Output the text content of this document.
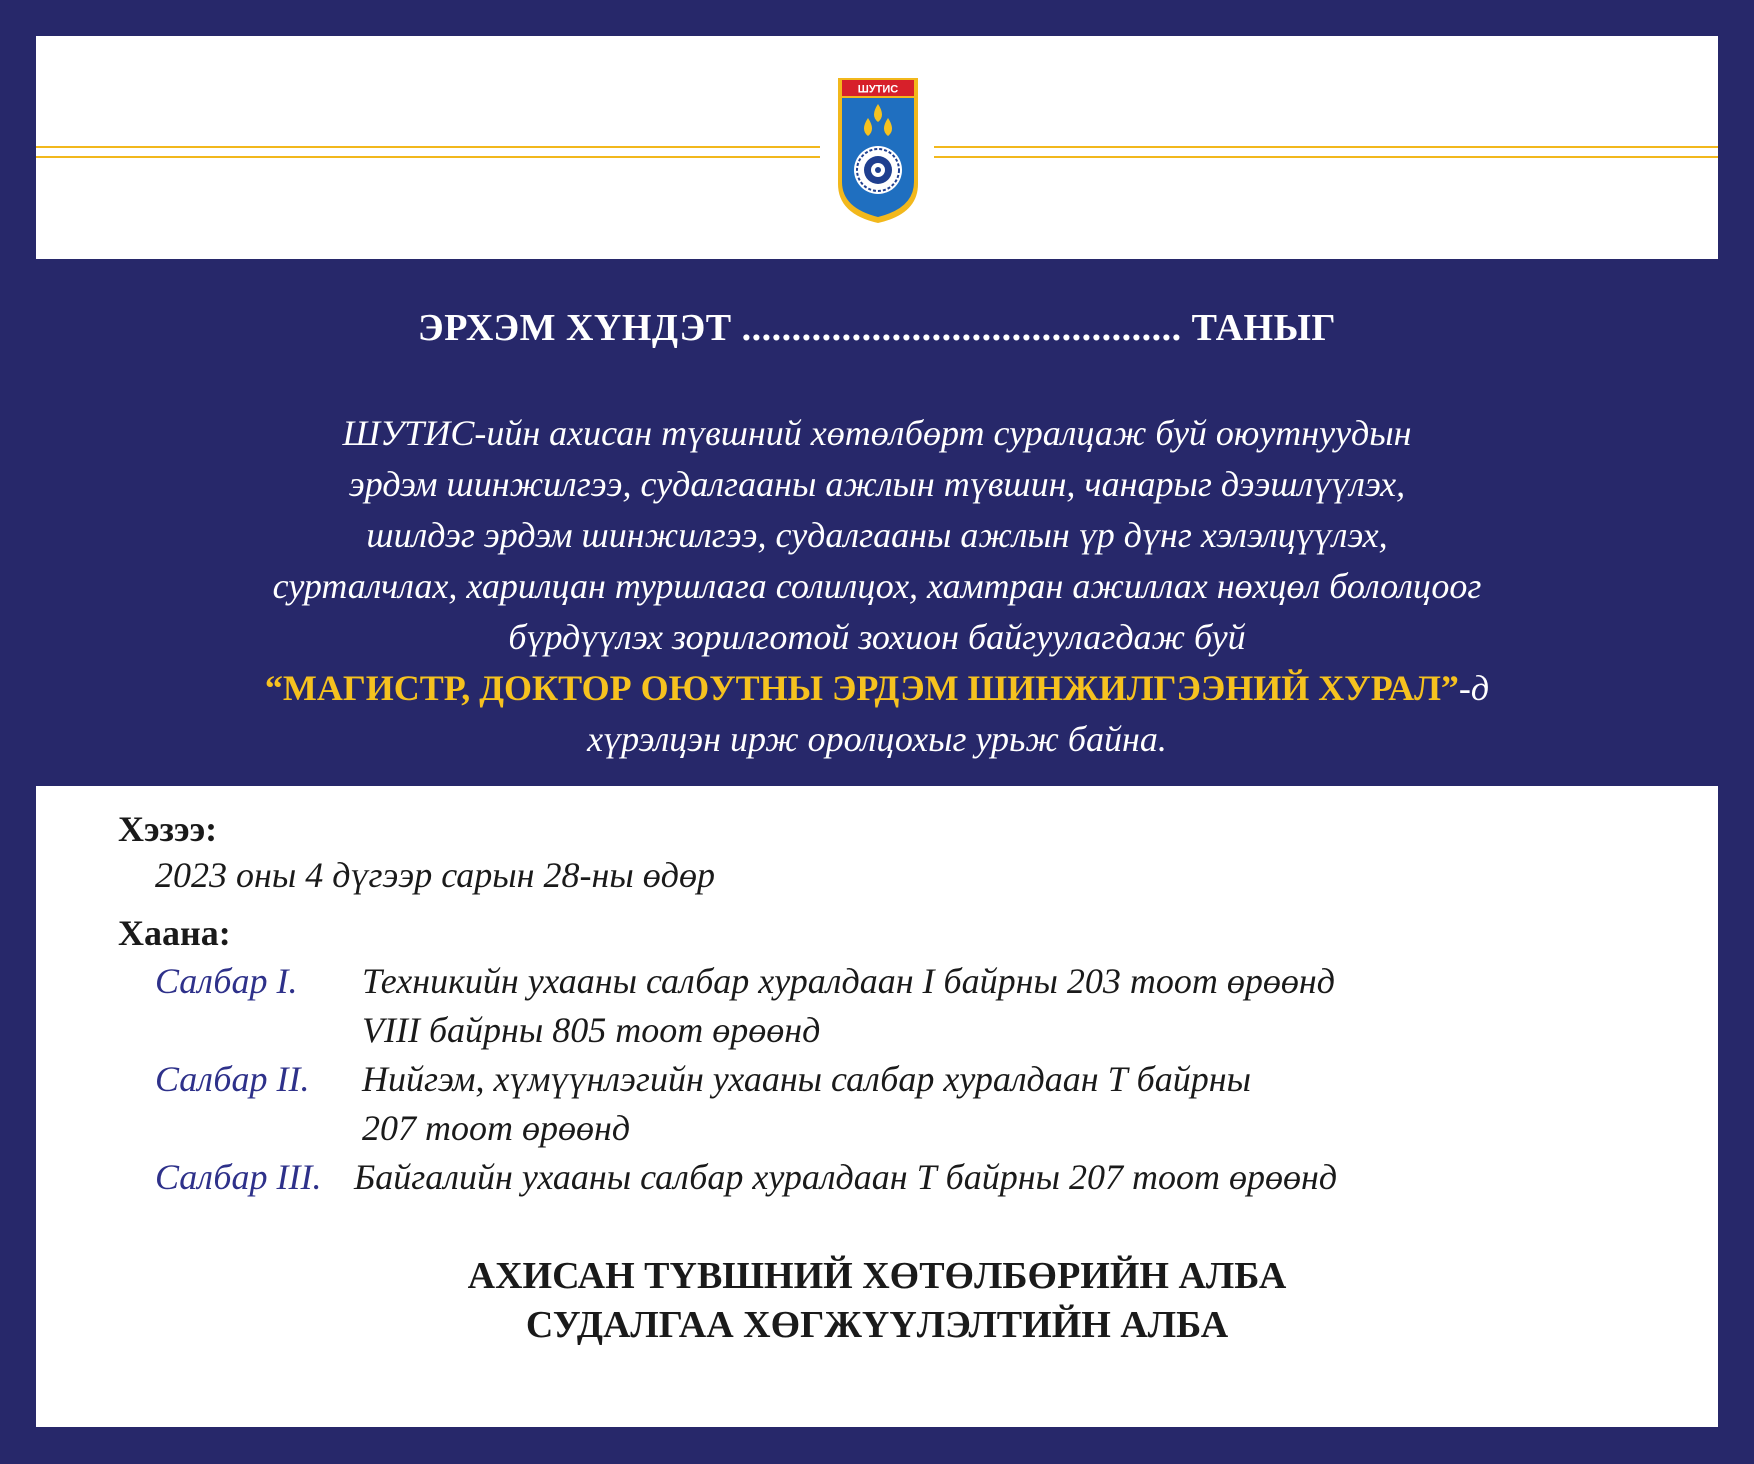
ШУТИС
ЭРХЭМ ХҮНДЭТ ............................................ ТАНЫГ
ШУТИС-ийн ахисан түвшний хөтөлбөрт суралцаж буй оюутнуудын
эрдэм шинжилгээ, судалгааны ажлын түвшин, чанарыг дээшлүүлэх,
шилдэг эрдэм шинжилгээ, судалгааны ажлын үр дүнг хэлэлцүүлэх,
сурталчлах, харилцан туршлага солилцох, хамтран ажиллах нөхцөл бололцоог
бүрдүүлэх зорилготой зохион байгуулагдаж буй
“МАГИСТР, ДОКТОР ОЮУТНЫ ЭРДЭМ ШИНЖИЛГЭЭНИЙ ХУРАЛ”-д
хүрэлцэн ирж оролцохыг урьж байна.
Хэзээ:
2023 оны 4 дүгээр сарын 28-ны өдөр
Хаана:
Салбар I. Техникийн ухааны салбар хуралдаан I байрны 203 тоот өрөөнд
VIII байрны 805 тоот өрөөнд
Салбар II. Нийгэм, хүмүүнлэгийн ухааны салбар хуралдаан Т байрны
207 тоот өрөөнд
Салбар III. Байгалийн ухааны салбар хуралдаан Т байрны 207 тоот өрөөнд
АХИСАН ТҮВШНИЙ ХӨТӨЛБӨРИЙН АЛБА
СУДАЛГАА ХӨГЖҮҮЛЭЛТИЙН АЛБА
